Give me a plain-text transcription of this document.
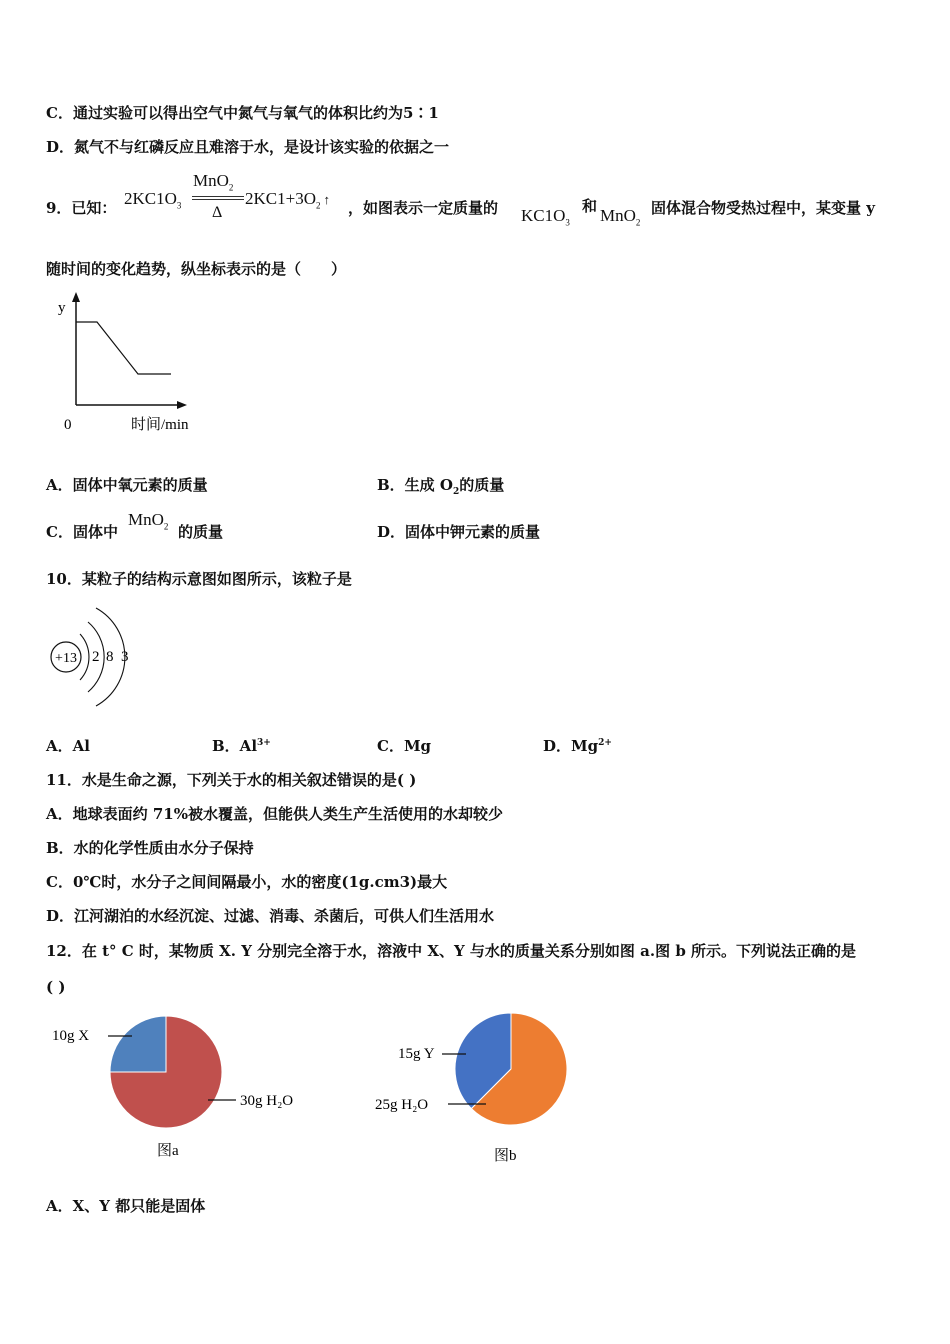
C．通过实验可以得出空气中氮气与氧气的体积比约为5∶1
D．氮气不与红磷反应且难溶于水，是设计该实验的依据之一
9．已知： $2KC1O_3$
MnO$_2$
Δ
$2KC1+3O_2$ ↑ ，如图表示一定质量的 $KC1O_3$
和 MnO$_2$
固体混合物受热过程中，某变量 y
随时间的变化趋势，纵坐标表示的是（　　）
y
0	时间/min
A．固体中氧元素的质量	B．生成 $O_2$的质量
C．固体中
MnO$_2$ 的质量	D．固体中钾元素的质量
10．某粒子的结构示意图如图所示，该粒子是
+13 2 8 3
A．Al	B．$Al^{3+}$	C．Mg	D．$Mg^{2+}$
11．水是生命之源，下列关于水的相关叙述错误的是( )
A．地球表面约 71%被水覆盖，但能供人类生产生活使用的水却较少
B．水的化学性质由水分子保持
C．0℃时，水分子之间间隔最小，水的密度(1g.cm3)最大
D．江河湖泊的水经沉淀、过滤、消毒、杀菌后，可供人们生活用水
12．在 t° C 时，某物质 X. Y 分别完全溶于水，溶液中 X、Y 与水的质量关系分别如图 a.图 b 所示。下列说法正确的是
( )
10g X
30g H₂O
图a
15g Y
25g H₂O
图b
A．X、Y 都只能是固体
